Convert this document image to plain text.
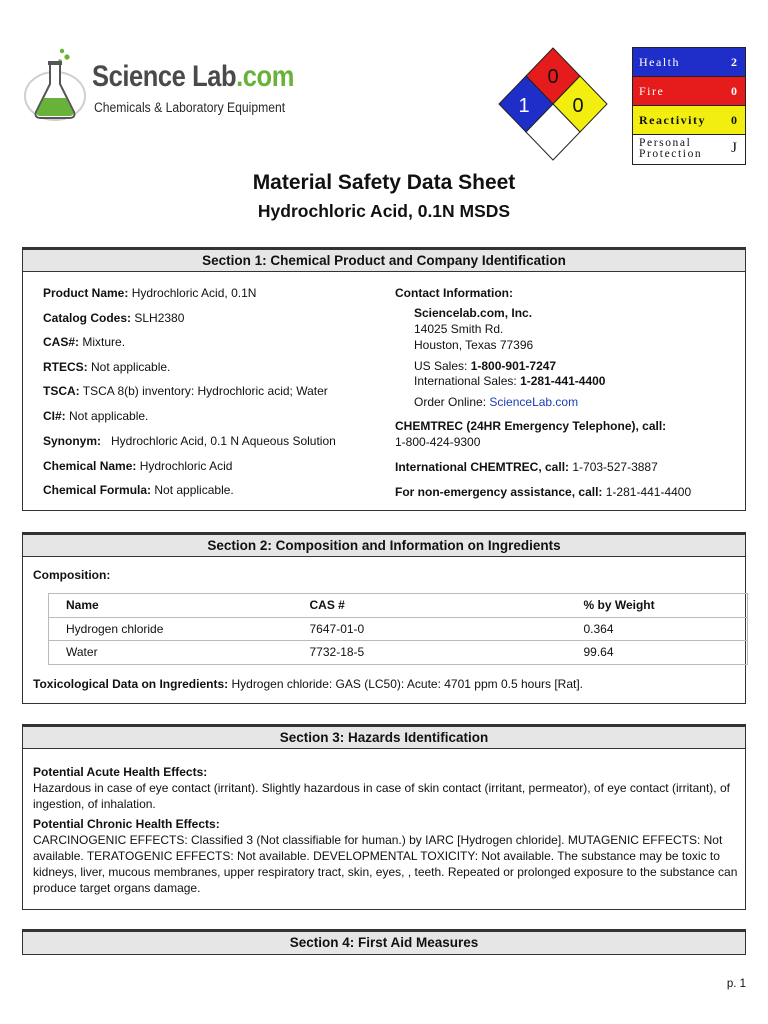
Science Lab.com
Chemicals & Laboratory Equipment
0
1 0
Health	2
Fire	0
Reactivity 0
Personal
Protection J
Material Safety Data Sheet
Hydrochloric Acid, 0.1N MSDS
Section 1: Chemical Product and Company Identification
Product Name: Hydrochloric Acid, 0.1N
Catalog Codes: SLH2380
CAS#: Mixture.
RTECS: Not applicable.
TSCA: TSCA 8(b) inventory: Hydrochloric acid; Water
CI#: Not applicable.
Synonym:   Hydrochloric Acid, 0.1 N Aqueous Solution
Chemical Name: Hydrochloric Acid
Chemical Formula: Not applicable.
Contact Information:
Sciencelab.com, Inc.
14025 Smith Rd.
Houston, Texas 77396
US Sales: 1-800-901-7247
International Sales: 1-281-441-4400
Order Online: ScienceLab.com
CHEMTREC (24HR Emergency Telephone), call:
1-800-424-9300
International CHEMTREC, call: 1-703-527-3887
For non-emergency assistance, call: 1-281-441-4400
Section 2: Composition and Information on Ingredients
Composition:
Name	CAS #	% by Weight
Hydrogen chloride	7647-01-0	0.364
Water	7732-18-5	99.64
Toxicological Data on Ingredients: Hydrogen chloride: GAS (LC50): Acute: 4701 ppm 0.5 hours [Rat].
Section 3: Hazards Identification

Potential Acute Health Effects:
Hazardous in case of eye contact (irritant). Slightly hazardous in case of skin contact (irritant, permeator), of eye contact (irritant), of ingestion, of inhalation.

Potential Chronic Health Effects:
CARCINOGENIC EFFECTS: Classified 3 (Not classifiable for human.) by IARC [Hydrogen chloride]. MUTAGENIC EFFECTS: Not available. TERATOGENIC EFFECTS: Not available. DEVELOPMENTAL TOXICITY: Not available. The substance may be toxic to kidneys, liver, mucous membranes, upper respiratory tract, skin, eyes, , teeth. Repeated or prolonged exposure to the substance can produce target organs damage.

Section 4: First Aid Measures
p. 1
